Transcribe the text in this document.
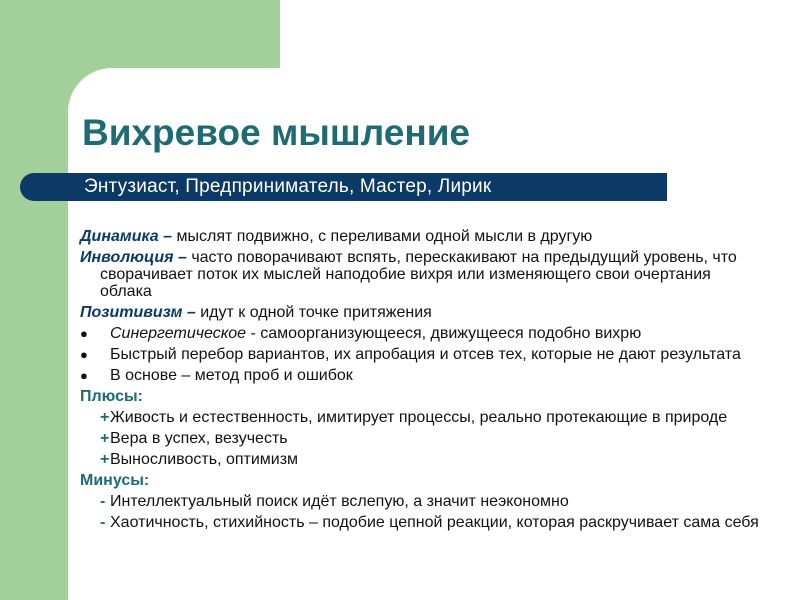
Вихревое мышление
Энтузиаст, Предприниматель, Мастер, Лирик

Динамика – мыслят подвижно, с переливами одной мысли в другую

Инволюция – часто поворачивают вспять, перескакивают на предыдущий уровень, что сворачивает поток их мыслей наподобие вихря или изменяющего свои очертания облака

Позитивизм – идут к одной точке притяжения

● Синергетическое - самоорганизующееся, движущееся подобно вихрю
● Быстрый перебор вариантов, их апробация и отсев тех, которые не дают результата
● В основе – метод проб и ошибок
Плюсы:
+ Живость и естественность, имитирует процессы, реально протекающие в природе
+ Вера в успех, везучесть
+ Выносливость, оптимизм
Минусы:
- Интеллектуальный поиск идёт вслепую, а значит неэкономно
- Хаотичность, стихийность – подобие цепной реакции, которая раскручивает сама себя
